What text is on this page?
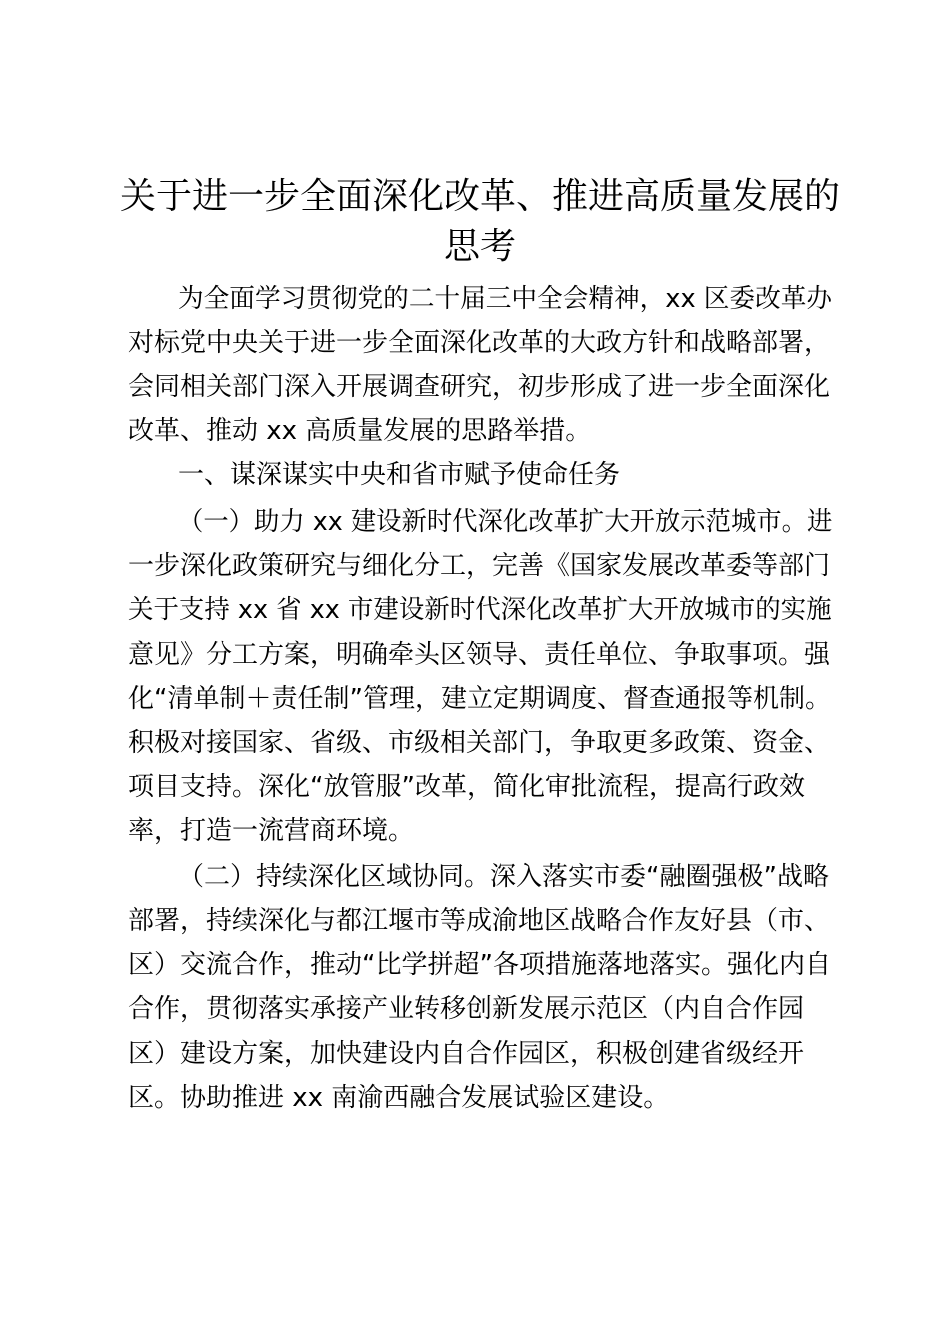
关于进一步全面深化改革、推进高质量发展的
思考
为全面学习贯彻党的二十届三中全会精神，xx 区委改革办
对标党中央关于进一步全面深化改革的大政方针和战略部署，
会同相关部门深入开展调查研究，初步形成了进一步全面深化
改革、推动 xx 高质量发展的思路举措。
一、谋深谋实中央和省市赋予使命任务
（一）助力 xx 建设新时代深化改革扩大开放示范城市。进
一步深化政策研究与细化分工，完善《国家发展改革委等部门
关于支持 xx 省 xx 市建设新时代深化改革扩大开放城市的实施
意见》分工方案，明确牵头区领导、责任单位、争取事项。强
化“清单制＋责任制”管理，建立定期调度、督查通报等机制。
积极对接国家、省级、市级相关部门，争取更多政策、资金、
项目支持。深化“放管服”改革，简化审批流程，提高行政效
率，打造一流营商环境。
（二）持续深化区域协同。深入落实市委“融圈强极”战略
部署，持续深化与都江堰市等成渝地区战略合作友好县（市、
区）交流合作，推动“比学拼超”各项措施落地落实。强化内自
合作，贯彻落实承接产业转移创新发展示范区（内自合作园
区）建设方案，加快建设内自合作园区，积极创建省级经开
区。协助推进 xx 南渝西融合发展试验区建设。
